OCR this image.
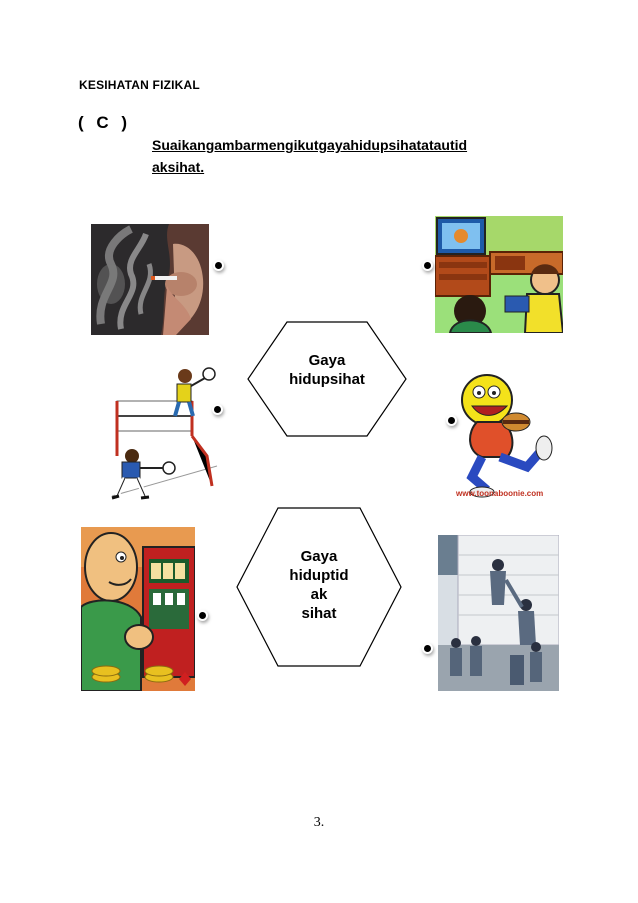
KESIHATAN FIZIKAL
( C )
Suaikangambarmengikutgayahidupsihatatautid
aksihat.
Gaya
hidupsihat
www.toonaboonie.com
Gaya
hiduptid
ak
sihat
3.
